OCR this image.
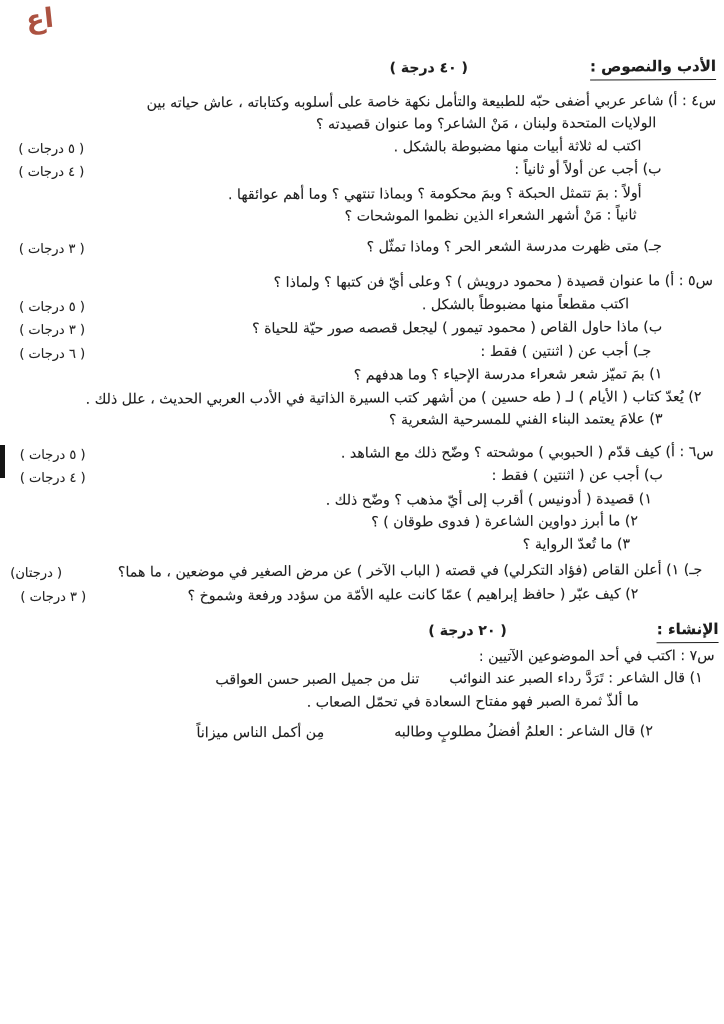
اع
الأدب والنصوص :
( ٤٠ درجة )
س٤ : أ) شاعر عربي أضفى حبّه للطبيعة والتأمل نكهة خاصة على أسلوبه وكتاباته ، عاش حياته بين
الولايات المتحدة ولبنان ، مَنْ الشاعر؟ وما عنوان قصيدته ؟
اكتب له ثلاثة أبيات منها مضبوطة بالشكل .
( ٥ درجات )
ب) أجب عن أولاً أو ثانياً :
( ٤ درجات )
أولاً : بمَ تتمثل الحبكة ؟ وبمَ محكومة ؟ وبماذا تنتهي ؟ وما أهم عوائقها .
ثانياً : مَنْ أشهر الشعراء الذين نظموا الموشحات ؟
جـ) متى ظهرت مدرسة الشعر الحر ؟ وماذا تمثّل ؟
( ٣ درجات )
س٥ : أ) ما عنوان قصيدة ( محمود درويش ) ؟ وعلى أيّ فن كتبها ؟ ولماذا ؟
اكتب مقطعاً منها مضبوطاً بالشكل .
( ٥ درجات )
ب) ماذا حاول القاص ( محمود تيمور ) ليجعل قصصه صور حيّة للحياة ؟
( ٣ درجات )
جـ) أجب عن ( اثنتين ) فقط :
( ٦ درجات )
١) بمَ تميّز شعر شعراء مدرسة الإحياء ؟ وما هدفهم ؟
٢) يُعدّ كتاب ( الأيام ) لـ ( طه حسين ) من أشهر كتب السيرة الذاتية في الأدب العربي الحديث ، علل ذلك .
٣) علامَ يعتمد البناء الفني للمسرحية الشعرية ؟
س٦ : أ) كيف قدّم ( الحبوبي ) موشحته ؟ وضّح ذلك مع الشاهد .
( ٥ درجات )
ب) أجب عن ( اثنتين ) فقط :
( ٤ درجات )
١) قصيدة ( أدونيس ) أقرب إلى أيّ مذهب ؟ وضّح ذلك .
٢) ما أبرز دواوين الشاعرة ( فدوى طوقان ) ؟
٣) ما تُعدّ الرواية ؟
جـ) ١) أعلن القاص (فؤاد التكرلي) في قصته ( الباب الآخر ) عن مرض الصغير في موضعين ، ما هما؟
( درجتان)
٢) كيف عبّر ( حافظ إبراهيم ) عمّا كانت عليه الأمّة من سؤدد ورفعة وشموخ ؟
( ٣ درجات )
الإنشاء :
( ٢٠ درجة )
س٧ : اكتب في أحد الموضوعين الآتيين :
١) قال الشاعر : تَرَدَّ رداء الصبر عند النوائب
تنل من جميل الصبر حسن العواقب
ما ألذّ ثمرة الصبر فهو مفتاح السعادة في تحمّل الصعاب .
٢) قال الشاعر : العلمُ أفضلُ مطلوبٍ وطالبه
مِن أكمل الناس ميزاناً
